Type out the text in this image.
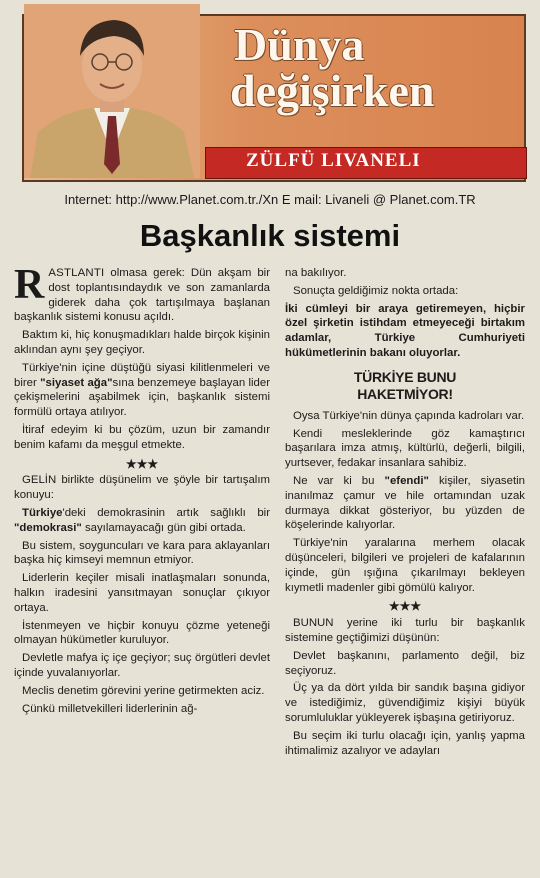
Dünya
değişirken
ZÜLFÜ LIVANELI
Internet: http://www.Planet.com.tr./Xn E mail: Livaneli @ Planet.com.TR
Başkanlık sistemi

RASTLANTI olmasa gerek: Dün akşam bir dost toplantısındaydık ve son zamanlarda giderek daha çok tartışılmaya başlanan başkanlık sistemi konusu açıldı.

Baktım ki, hiç konuşmadıkları halde birçok kişinin aklından aynı şey geçiyor.

Türkiye'nin içine düştüğü siyasi kilitlenmeleri ve birer "siyaset ağa"sına benzemeye başlayan lider çekişmelerini aşabilmek için, başkanlık sistemi formülü ortaya atılıyor.

İtiraf edeyim ki bu çözüm, uzun bir zamandır benim kafamı da meşgul etmekte.

★★★

GELİN birlikte düşünelim ve şöyle bir tartışalım konuyu:

Türkiye'deki demokrasinin artık sağlıklı bir "demokrasi" sayılamayacağı gün gibi ortada.

Bu sistem, soyguncuları ve kara para aklayanları başka hiç kimseyi memnun etmiyor.

Liderlerin keçiler misali inatlaşmaları sonunda, halkın iradesini yansıtmayan sonuçlar çıkıyor ortaya.

İstenmeyen ve hiçbir konuyu çözme yeteneği olmayan hükümetler kuruluyor.

Devletle mafya iç içe geçiyor; suç örgütleri devlet içinde yuvalanıyorlar.

Meclis denetim görevini yerine getirmekten aciz.

Çünkü milletvekilleri liderlerinin ağ-

na bakılıyor.

Sonuçta geldiğimiz nokta ortada:

İki cümleyi bir araya getiremeyen, hiçbir özel şirketin istihdam etmeyeceği birtakım adamlar, Türkiye Cumhuriyeti hükümetlerinin bakanı oluyorlar.

TÜRKİYE BUNU
HAKETMİYOR!

Oysa Türkiye'nin dünya çapında kadroları var.

Kendi mesleklerinde göz kamaştırıcı başarılara imza atmış, kültürlü, değerli, bilgili, yurtsever, fedakar insanlara sahibiz.

Ne var ki bu "efendi" kişiler, siyasetin inanılmaz çamur ve hile ortamından uzak durmaya dikkat gösteriyor, bu yüzden de köşelerinde kalıyorlar.

Türkiye'nin yaralarına merhem olacak düşünceleri, bilgileri ve projeleri de kafalarının içinde, gün ışığına çıkarılmayı bekleyen kıymetli madenler gibi gömülü kalıyor.

★★★

BUNUN yerine iki turlu bir başkanlık sistemine geçtiğimizi düşünün:

Devlet başkanını, parlamento değil, biz seçiyoruz.

Üç ya da dört yılda bir sandık başına gidiyor ve istediğimiz, güvendiğimiz kişiyi büyük sorumluluklar yükleyerek işbaşına getiriyoruz.

Bu seçim iki turlu olacağı için, yanlış yapma ihtimalimiz azalıyor ve adayları
